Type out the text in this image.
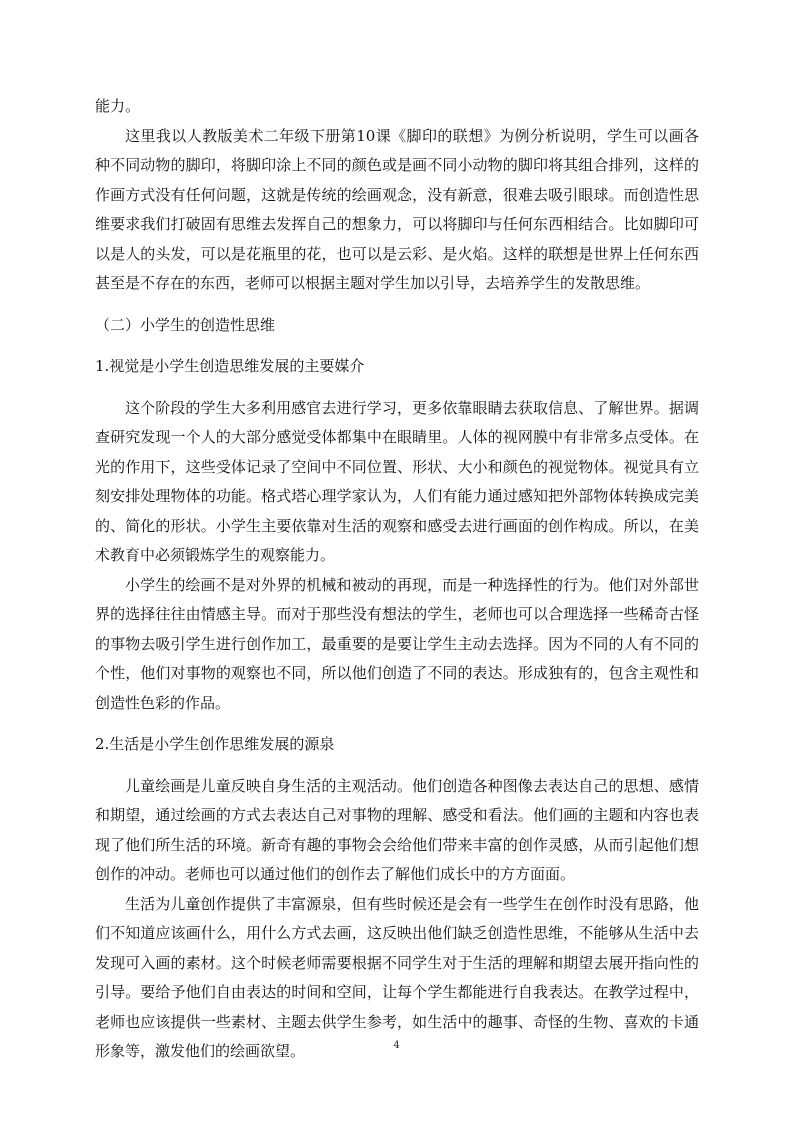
能力。

这里我以人教版美术二年级下册第10课《脚印的联想》为例分析说明，学生可以画各种不同动物的脚印，将脚印涂上不同的颜色或是画不同小动物的脚印将其组合排列，这样的作画方式没有任何问题，这就是传统的绘画观念，没有新意，很难去吸引眼球。而创造性思维要求我们打破固有思维去发挥自己的想象力，可以将脚印与任何东西相结合。比如脚印可以是人的头发，可以是花瓶里的花，也可以是云彩、是火焰。这样的联想是世界上任何东西甚至是不存在的东西，老师可以根据主题对学生加以引导，去培养学生的发散思维。

（二）小学生的创造性思维

1.视觉是小学生创造思维发展的主要媒介

这个阶段的学生大多利用感官去进行学习，更多依靠眼睛去获取信息、了解世界。据调查研究发现一个人的大部分感觉受体都集中在眼睛里。人体的视网膜中有非常多点受体。在光的作用下，这些受体记录了空间中不同位置、形状、大小和颜色的视觉物体。视觉具有立刻安排处理物体的功能。格式塔心理学家认为，人们有能力通过感知把外部物体转换成完美的、简化的形状。小学生主要依靠对生活的观察和感受去进行画面的创作构成。所以，在美术教育中必须锻炼学生的观察能力。

小学生的绘画不是对外界的机械和被动的再现，而是一种选择性的行为。他们对外部世界的选择往往由情感主导。而对于那些没有想法的学生，老师也可以合理选择一些稀奇古怪的事物去吸引学生进行创作加工，最重要的是要让学生主动去选择。因为不同的人有不同的个性，他们对事物的观察也不同，所以他们创造了不同的表达。形成独有的，包含主观性和创造性色彩的作品。

2.生活是小学生创作思维发展的源泉

儿童绘画是儿童反映自身生活的主观活动。他们创造各种图像去表达自己的思想、感情和期望，通过绘画的方式去表达自己对事物的理解、感受和看法。他们画的主题和内容也表现了他们所生活的环境。新奇有趣的事物会会给他们带来丰富的创作灵感，从而引起他们想创作的冲动。老师也可以通过他们的创作去了解他们成长中的方方面面。

生活为儿童创作提供了丰富源泉，但有些时候还是会有一些学生在创作时没有思路，他们不知道应该画什么，用什么方式去画，这反映出他们缺乏创造性思维，不能够从生活中去发现可入画的素材。这个时候老师需要根据不同学生对于生活的理解和期望去展开指向性的引导。要给予他们自由表达的时间和空间，让每个学生都能进行自我表达。在教学过程中，老师也应该提供一些素材、主题去供学生参考，如生活中的趣事、奇怪的生物、喜欢的卡通形象等，激发他们的绘画欲望。	4
